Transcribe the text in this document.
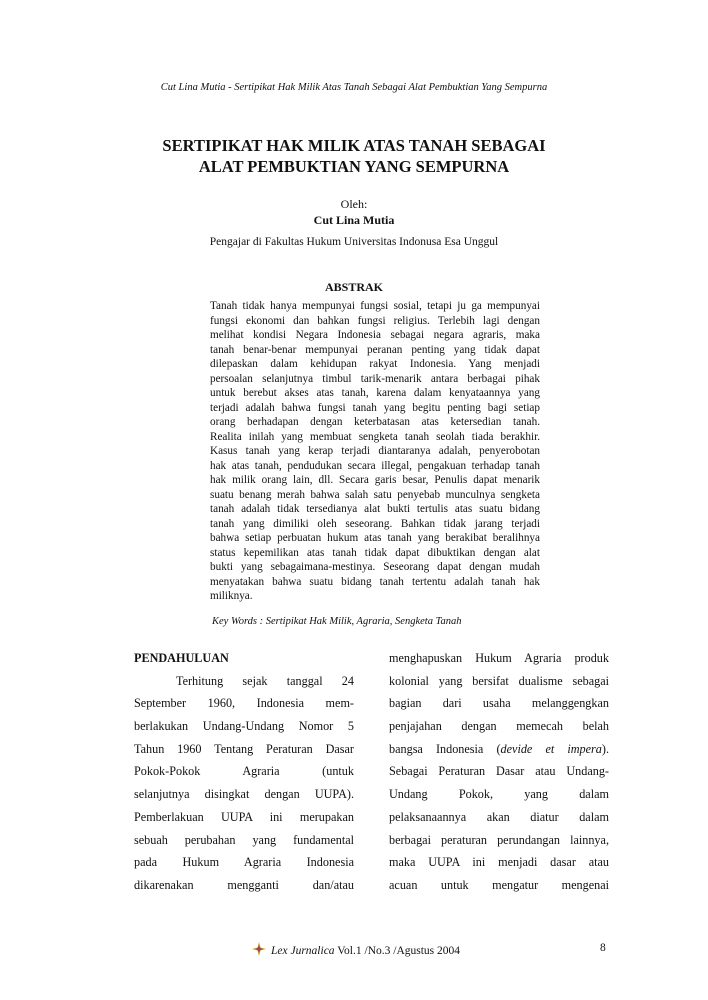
Cut Lina Mutia - Sertipikat Hak Milik Atas Tanah Sebagai Alat Pembuktian Yang Sempurna
SERTIPIKAT HAK MILIK ATAS TANAH SEBAGAI
ALAT PEMBUKTIAN YANG SEMPURNA
Oleh:
Cut Lina Mutia
Pengajar di Fakultas Hukum Universitas Indonusa Esa Unggul
ABSTRAK
Tanah tidak hanya mempunyai fungsi sosial, tetapi ju ga mempunyai
fungsi ekonomi dan bahkan fungsi religius. Terlebih lagi dengan
melihat kondisi Negara Indonesia sebagai negara agraris, maka
tanah benar-benar mempunyai peranan penting yang tidak dapat
dilepaskan dalam kehidupan rakyat Indonesia. Yang menjadi
persoalan selanjutnya timbul tarik-menarik antara berbagai pihak
untuk berebut akses atas tanah, karena dalam kenyataannya yang
terjadi adalah bahwa fungsi tanah yang begitu penting bagi setiap
orang berhadapan dengan keterbatasan atas ketersedian tanah.
Realita inilah yang membuat sengketa tanah seolah tiada berakhir.
Kasus tanah yang kerap terjadi diantaranya adalah, penyerobotan
hak atas tanah, pendudukan secara illegal, pengakuan terhadap tanah
hak milik orang lain, dll. Secara garis besar, Penulis dapat menarik
suatu benang merah bahwa salah satu penyebab munculnya sengketa
tanah adalah tidak tersedianya alat bukti tertulis atas suatu bidang
tanah yang dimiliki oleh seseorang. Bahkan tidak jarang terjadi
bahwa setiap perbuatan hukum atas tanah yang berakibat beralihnya
status kepemilikan atas tanah tidak dapat dibuktikan dengan alat
bukti yang sebagaimana-mestinya. Seseorang dapat dengan mudah
menyatakan bahwa suatu bidang tanah tertentu adalah tanah hak
miliknya.
Key Words : Sertipikat Hak Milik, Agraria, Sengketa Tanah
PENDAHULUAN
Terhitung sejak tanggal 24
September 1960, Indonesia mem-
berlakukan Undang-Undang Nomor 5
Tahun 1960 Tentang Peraturan Dasar
Pokok-Pokok Agraria (untuk
selanjutnya disingkat dengan UUPA).
Pemberlakuan UUPA ini merupakan
sebuah perubahan yang fundamental
pada Hukum Agraria Indonesia
dikarenakan mengganti dan/atau
menghapuskan Hukum Agraria produk
kolonial yang bersifat dualisme sebagai
bagian dari usaha melanggengkan
penjajahan dengan memecah belah
bangsa Indonesia (devide et impera).
Sebagai Peraturan Dasar atau Undang-
Undang Pokok, yang dalam
pelaksanaannya akan diatur dalam
berbagai peraturan perundangan lainnya,
maka UUPA ini menjadi dasar atau
acuan untuk mengatur mengenai
Lex Jurnalica Vol.1 /No.3 /Agustus 2004	8
